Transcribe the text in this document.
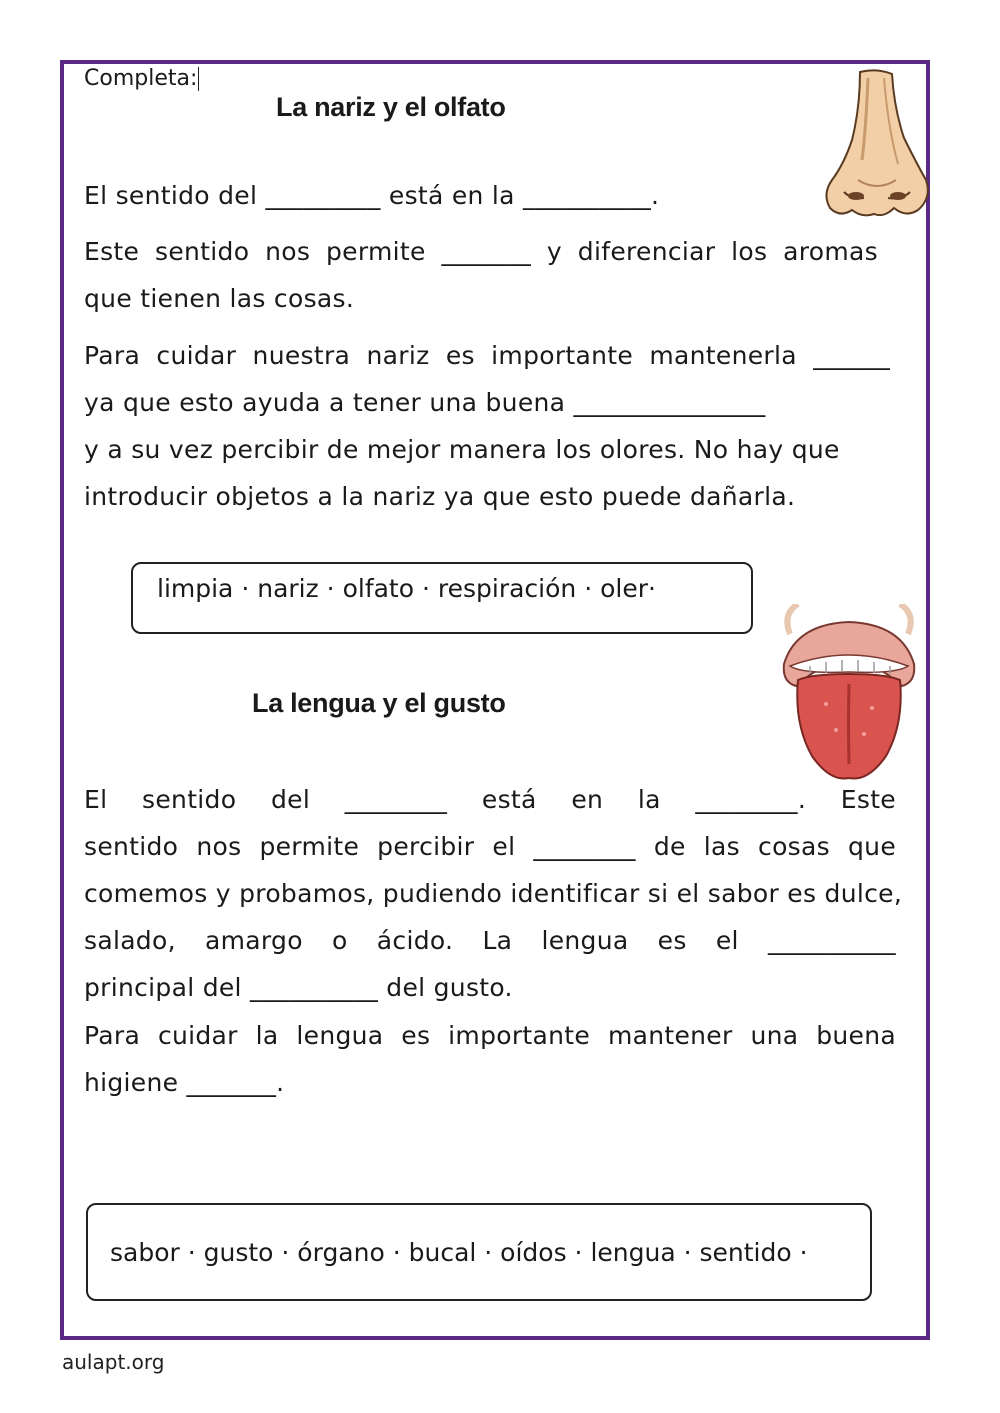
Completa:
La nariz y el olfato
El sentido del _________ está en la __________.
Este sentido nos permite _______ y diferenciar los aromas
que tienen las cosas.
Para cuidar nuestra nariz es importante mantenerla ______
ya que esto ayuda a tener una buena _______________
y a su vez percibir de mejor manera los olores. No hay que
introducir objetos a la nariz ya que esto puede dañarla.
limpia · nariz · olfato · respiración · oler·
La lengua y el gusto
El sentido del ________ está en la ________. Este
sentido nos permite percibir el ________ de las cosas que
comemos y probamos, pudiendo identificar si el sabor es dulce,
salado, amargo o ácido. La lengua es el __________
principal del __________ del gusto.
Para cuidar la lengua es importante mantener una buena
higiene _______.
sabor · gusto · órgano · bucal · oídos · lengua · sentido ·
aulapt.org
